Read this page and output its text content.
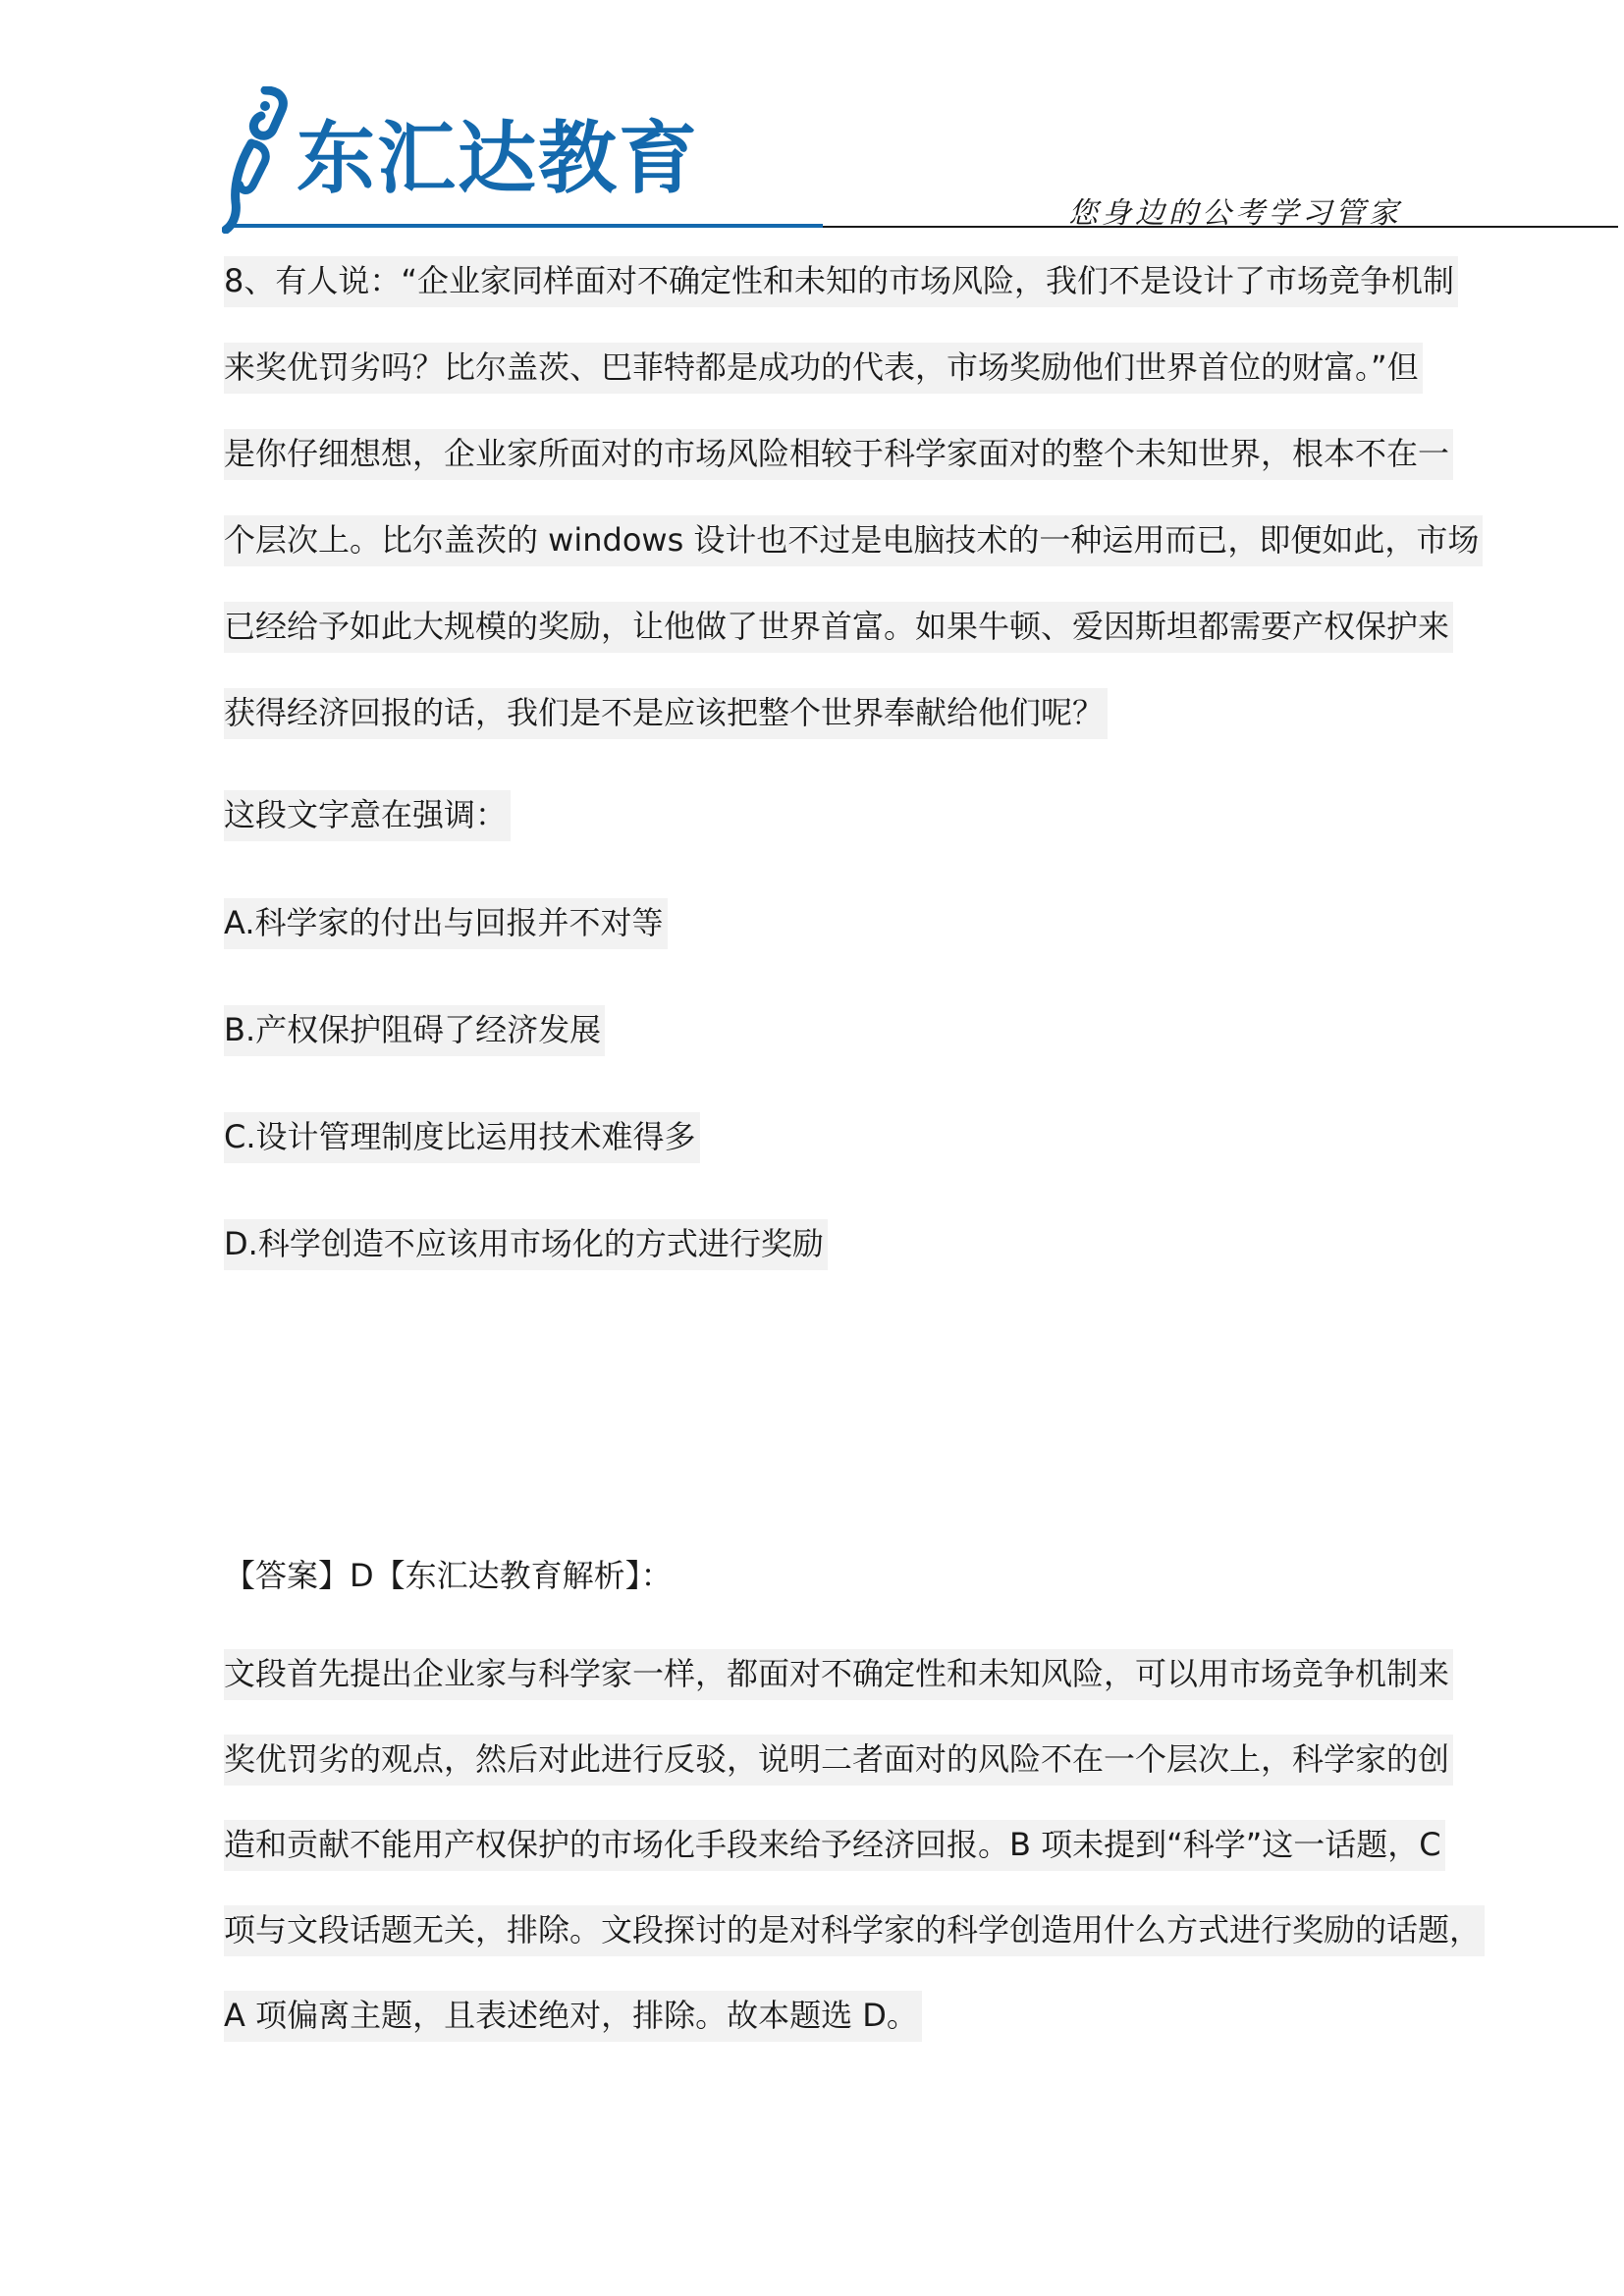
东汇达教育
您身边的公考学习管家
8、有人说：“企业家同样面对不确定性和未知的市场风险，我们不是设计了市场竞争机制
来奖优罚劣吗？比尔盖茨、巴菲特都是成功的代表，市场奖励他们世界首位的财富。”但
是你仔细想想，企业家所面对的市场风险相较于科学家面对的整个未知世界，根本不在一
个层次上。比尔盖茨的 windows 设计也不过是电脑技术的一种运用而已，即便如此，市场
已经给予如此大规模的奖励，让他做了世界首富。如果牛顿、爱因斯坦都需要产权保护来
获得经济回报的话，我们是不是应该把整个世界奉献给他们呢？
这段文字意在强调：
A.科学家的付出与回报并不对等
B.产权保护阻碍了经济发展
C.设计管理制度比运用技术难得多
D.科学创造不应该用市场化的方式进行奖励
【答案】D【东汇达教育解析】：
文段首先提出企业家与科学家一样，都面对不确定性和未知风险，可以用市场竞争机制来
奖优罚劣的观点，然后对此进行反驳，说明二者面对的风险不在一个层次上，科学家的创
造和贡献不能用产权保护的市场化手段来给予经济回报。B 项未提到“科学”这一话题，C
项与文段话题无关，排除。文段探讨的是对科学家的科学创造用什么方式进行奖励的话题，
A 项偏离主题，且表述绝对，排除。故本题选 D。
